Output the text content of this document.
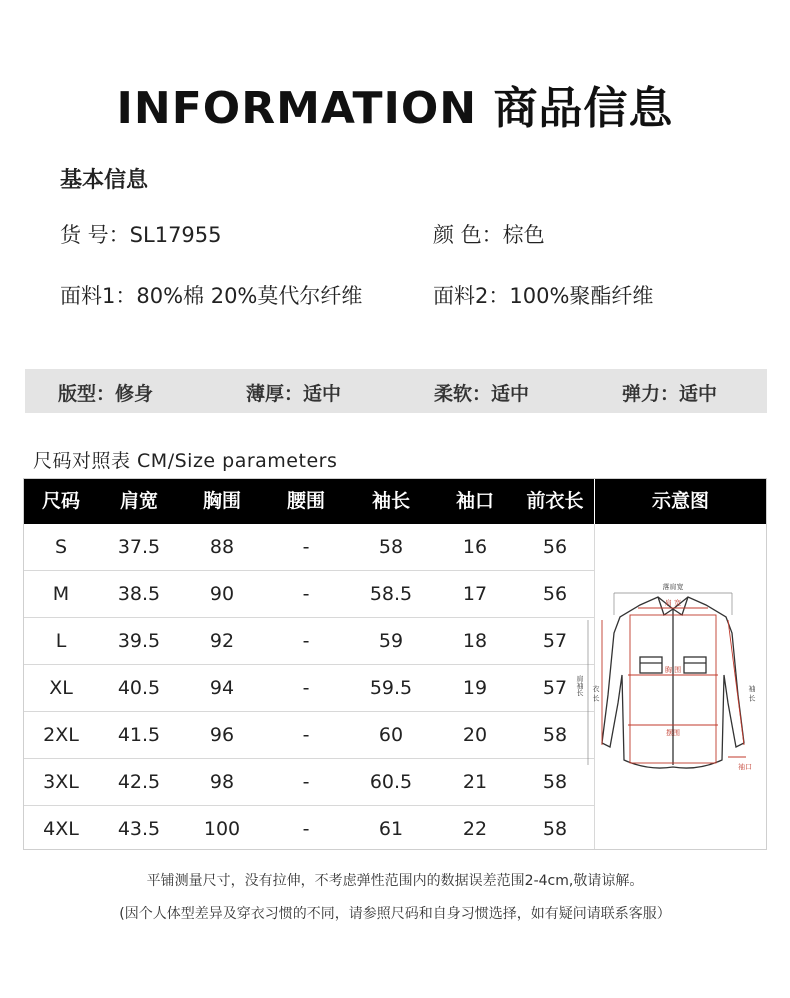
INFORMATION 商品信息
基本信息
货 号：SL17955	颜 色：棕色
面料1：80%棉 20%莫代尔纤维	面料2：100%聚酯纤维
版型：修身	薄厚：适中	柔软：适中	弹力：适中
尺码对照表 CM/Size parameters
尺码	肩宽	胸围	腰围	袖长	袖口	前衣长	示意图
S	37.5	88	-	58	16	56
M	38.5	90	-	58.5	17	56
L	39.5	92	-	59	18	57
XL	40.5	94	-	59.5	19	57
2XL	41.5	96	-	60	20	58
3XL	42.5	98	-	60.5	21	58
4XL	43.5	100	-	61	22	58
落肩宽
肩 宽
胸 围
摆围
肩袖长 衣 长	袖 长
袖口
平铺测量尺寸，没有拉伸，不考虑弹性范围内的数据误差范围2-4cm,敬请谅解。
(因个人体型差异及穿衣习惯的不同，请参照尺码和自身习惯选择，如有疑问请联系客服）
